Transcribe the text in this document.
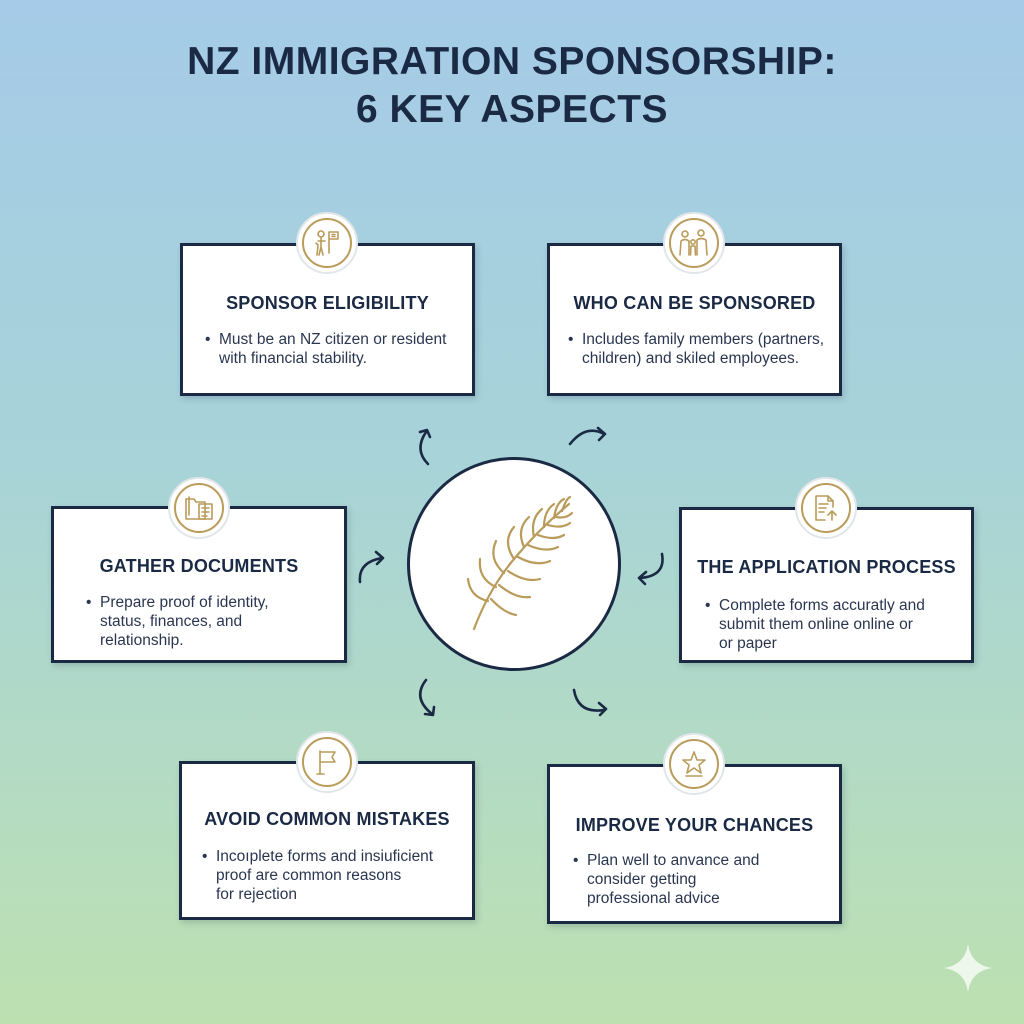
NZ IMMIGRATION SPONSORSHIP:
6 KEY ASPECTS
SPONSOR ELIGIBILITY
• Must be an NZ citizen or resident
with financial stability.
WHO CAN BE SPONSORED
• Includes family members (partners,
children) and skiled employees.
GATHER DOCUMENTS
• Prepare proof of identity,
status, finances, and
relationship.
THE APPLICATION PROCESS
• Complete forms accuratly and
submit them online online or
or paper
AVOID COMMON MISTAKES
• Incoıplete forms and insiuficient
proof are common reasons
for rejection
IMPROVE YOUR CHANCES
• Plan well to anvance and
consider getting
professional advice
